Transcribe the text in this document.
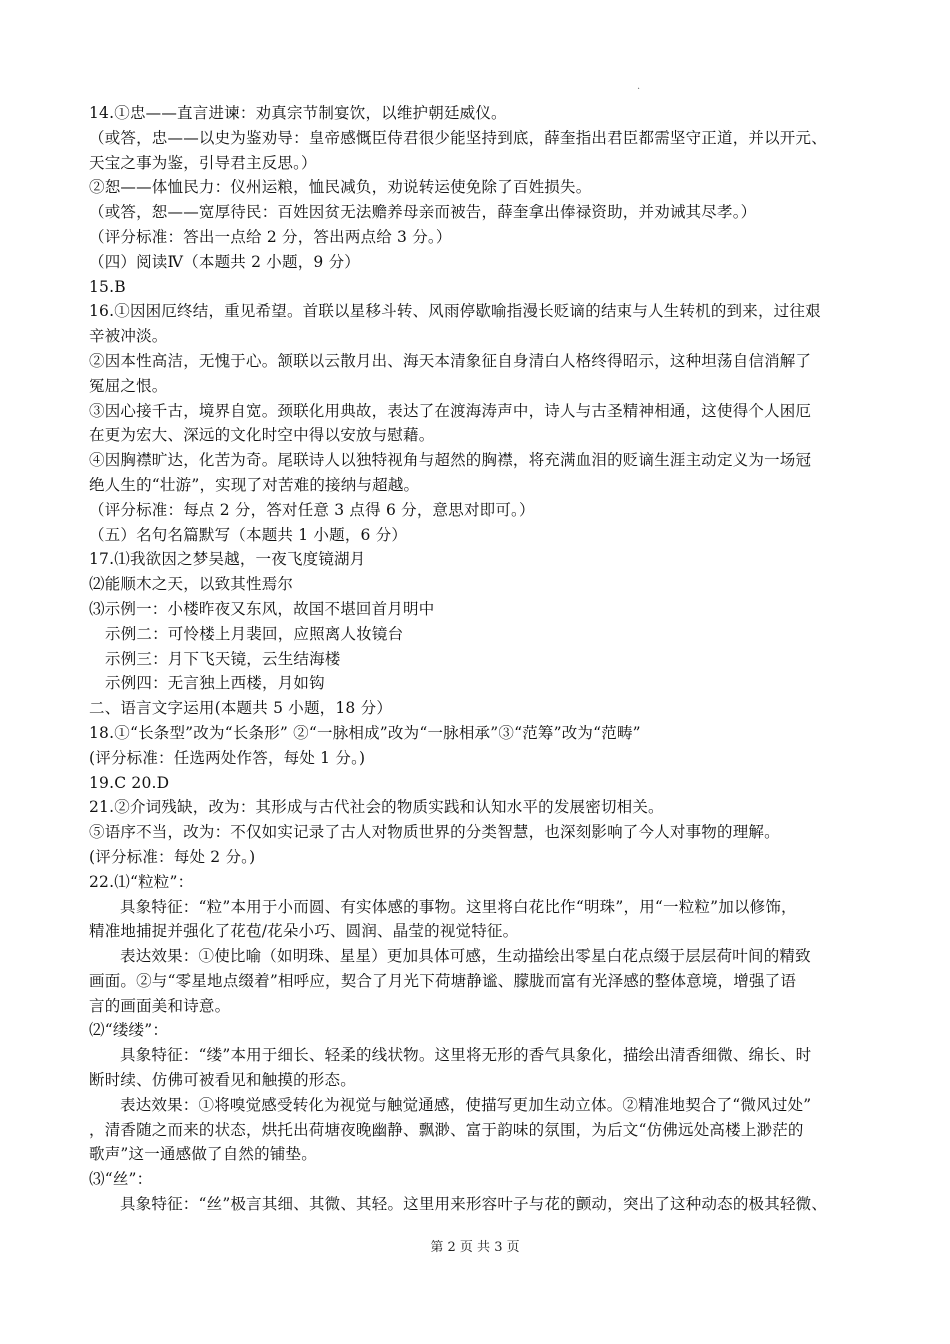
·
14.①忠——直言进谏：劝真宗节制宴饮，以维护朝廷威仪。
（或答，忠——以史为鉴劝导：皇帝感慨臣侍君很少能坚持到底，薛奎指出君臣都需坚守正道，并以开元、
天宝之事为鉴，引导君主反思。）
②恕——体恤民力：仪州运粮，恤民减负，劝说转运使免除了百姓损失。
（或答，恕——宽厚待民：百姓因贫无法赡养母亲而被告，薛奎拿出俸禄资助，并劝诫其尽孝。）
（评分标准：答出一点给 2 分，答出两点给 3 分。）
（四）阅读Ⅳ（本题共 2 小题，9 分）
15.B
16.①因困厄终结，重见希望。首联以星移斗转、风雨停歇喻指漫长贬谪的结束与人生转机的到来，过往艰
辛被冲淡。
②因本性高洁，无愧于心。颔联以云散月出、海天本清象征自身清白人格终得昭示，这种坦荡自信消解了
冤屈之恨。
③因心接千古，境界自宽。颈联化用典故，表达了在渡海涛声中，诗人与古圣精神相通，这使得个人困厄
在更为宏大、深远的文化时空中得以安放与慰藉。
④因胸襟旷达，化苦为奇。尾联诗人以独特视角与超然的胸襟，将充满血泪的贬谪生涯主动定义为一场冠
绝人生的“壮游”，实现了对苦难的接纳与超越。
（评分标准：每点 2 分，答对任意 3 点得 6 分，意思对即可。）
（五）名句名篇默写（本题共 1 小题，6 分）
17.⑴我欲因之梦吴越，一夜飞度镜湖月
⑵能顺木之天，以致其性焉尔
⑶示例一：小楼昨夜又东风，故国不堪回首月明中
示例二：可怜楼上月裴回，应照离人妆镜台
示例三：月下飞天镜，云生结海楼
示例四：无言独上西楼，月如钩
二、语言文字运用(本题共 5 小题，18 分）
18.①“长条型”改为“长条形” ②“一脉相成”改为“一脉相承”③“范筹”改为“范畴”
(评分标准：任选两处作答，每处 1 分。)
19.C 20.D
21.②介词残缺，改为：其形成与古代社会的物质实践和认知水平的发展密切相关。
⑤语序不当，改为：不仅如实记录了古人对物质世界的分类智慧，也深刻影响了今人对事物的理解。
(评分标准：每处 2 分。)
22.⑴“粒粒”：
具象特征：“粒”本用于小而圆、有实体感的事物。这里将白花比作“明珠”，用“一粒粒”加以修饰，
精准地捕捉并强化了花苞/花朵小巧、圆润、晶莹的视觉特征。
表达效果：①使比喻（如明珠、星星）更加具体可感，生动描绘出零星白花点缀于层层荷叶间的精致
画面。②与“零星地点缀着”相呼应，契合了月光下荷塘静谧、朦胧而富有光泽感的整体意境，增强了语
言的画面美和诗意。
⑵“缕缕”：
具象特征：“缕”本用于细长、轻柔的线状物。这里将无形的香气具象化，描绘出清香细微、绵长、时
断时续、仿佛可被看见和触摸的形态。
表达效果：①将嗅觉感受转化为视觉与触觉通感，使描写更加生动立体。②精准地契合了“微风过处”
，清香随之而来的状态，烘托出荷塘夜晚幽静、飘渺、富于韵味的氛围，为后文“仿佛远处高楼上渺茫的
歌声”这一通感做了自然的铺垫。
⑶“丝”：
具象特征：“丝”极言其细、其微、其轻。这里用来形容叶子与花的颤动，突出了这种动态的极其轻微、
第 2 页 共 3 页
